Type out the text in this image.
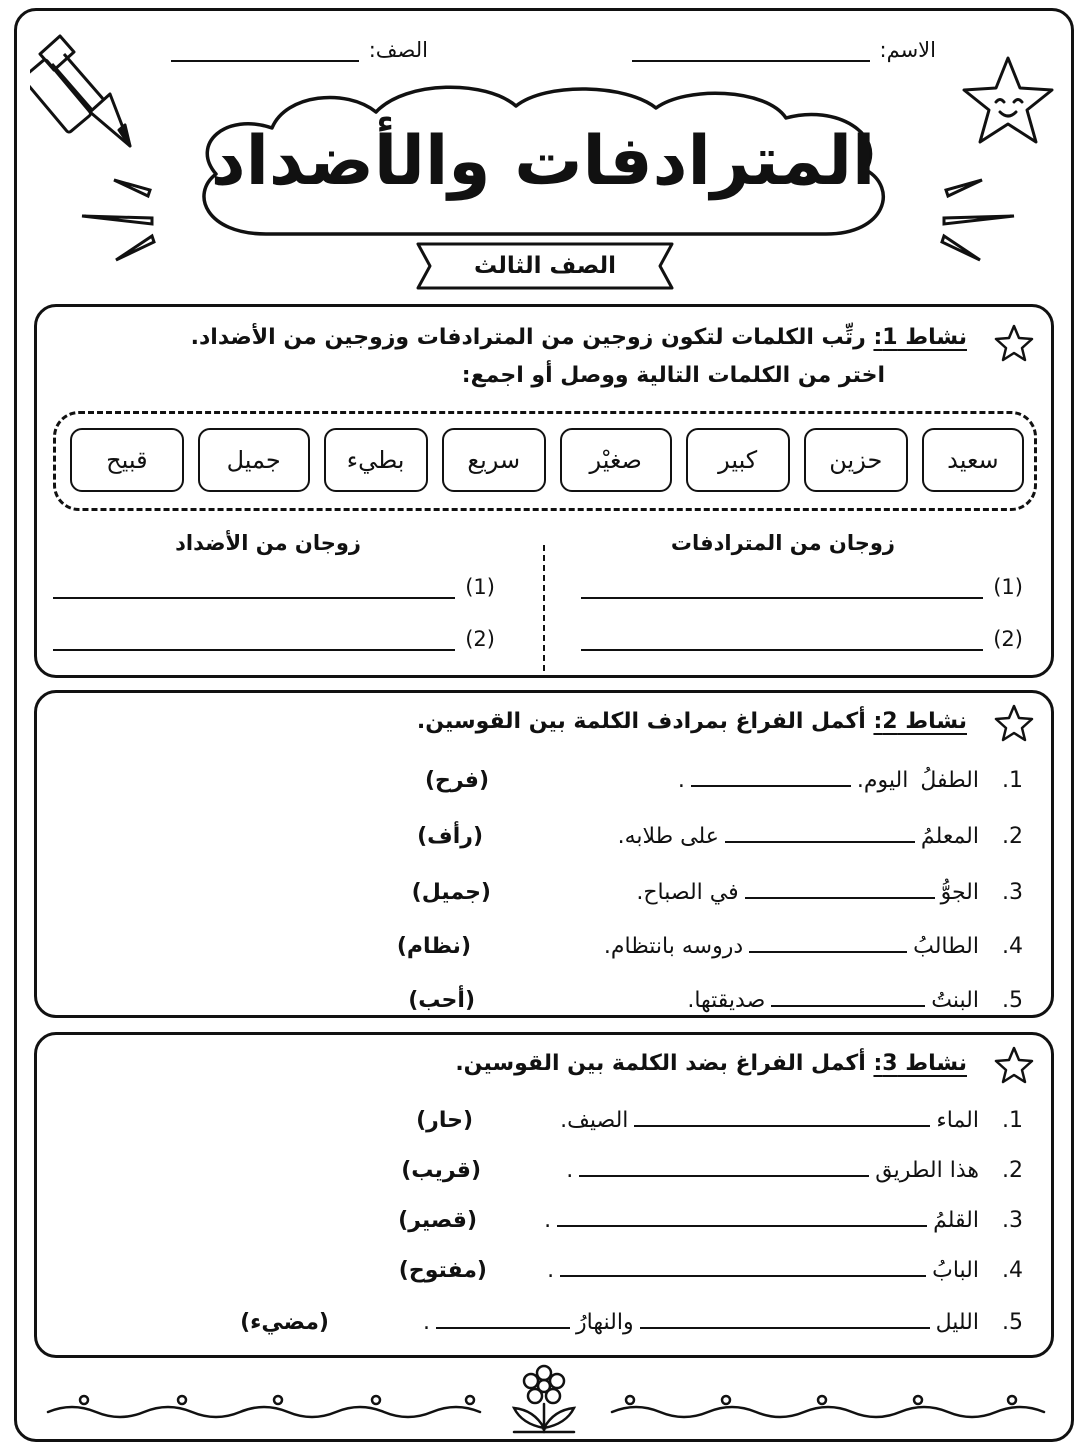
الاسم:
الصف:
المترادفات والأضداد
الصف الثالث
نشاط 1: رتِّب الكلمات لتكون زوجين من المترادفات وزوجين من الأضداد.
اختر من الكلمات التالية ووصل أو اجمع:
سعيد
حزين
كبير
صغيْر
سريع
بطيء
جميل
قبيح
زوجان من المترادفات
زوجان من الأضداد
(1)
(2)
(1)
(2)
نشاط 2: أكمل الفراغ بمرادف الكلمة بين القوسين.
1.
الطفلُ
اليوم.
.
(فرح)
2.
المعلمُ
على طلابه.
(رأف)
3.
الجوُّ
في الصباح.
(جميل)
4.
الطالبُ
دروسه بانتظام.
(نظام)
5.
البنتُ
صديقتها.
(أحب)
نشاط 3: أكمل الفراغ بضد الكلمة بين القوسين.
1.
الماء
الصيف.
(حار)
2.
هذا الطريق
.
(قريب)
3.
القلمُ
.
(قصير)
4.
البابُ
.
(مفتوح)
5.
الليل
والنهارُ
.
(مضيء)
